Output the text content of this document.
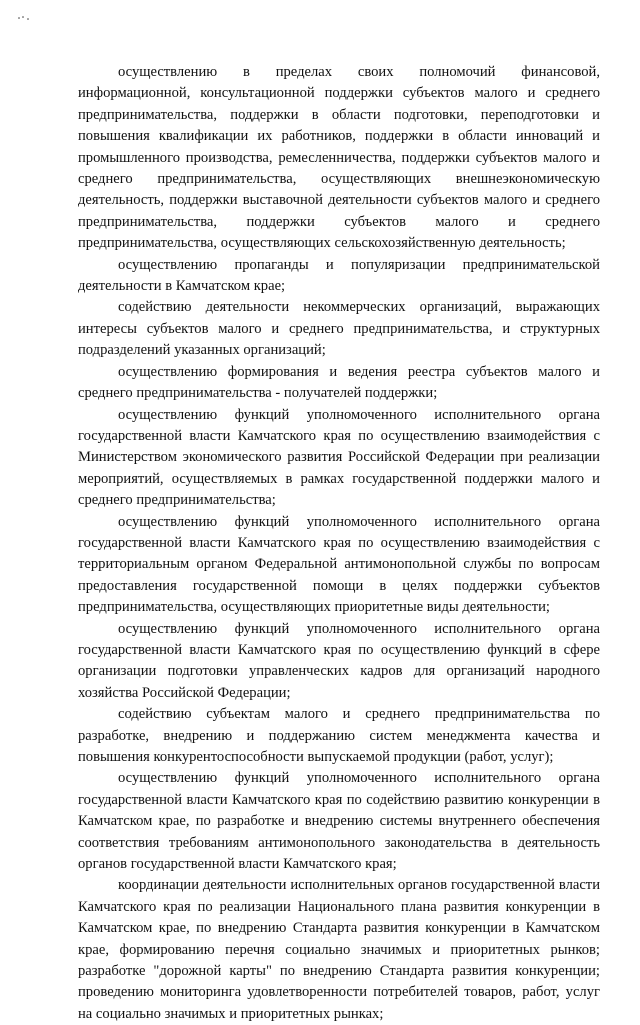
осуществлению в пределах своих полномочий финансовой, информационной, консультационной поддержки субъектов малого и среднего предпринимательства, поддержки в области подготовки, переподготовки и повышения квалификации их работников, поддержки в области инноваций и промышленного производства, ремесленничества, поддержки субъектов малого и среднего предпринимательства, осуществляющих внешнеэкономическую деятельность, поддержки выставочной деятельности субъектов малого и среднего предпринимательства, поддержки субъектов малого и среднего предпринимательства, осуществляющих сельскохозяйственную деятельность;

осуществлению пропаганды и популяризации предпринимательской деятельности в Камчатском крае;

содействию деятельности некоммерческих организаций, выражающих интересы субъектов малого и среднего предпринимательства, и структурных подразделений указанных организаций;

осуществлению формирования и ведения реестра субъектов малого и среднего предпринимательства - получателей поддержки;

осуществлению функций уполномоченного исполнительного органа государственной власти Камчатского края по осуществлению взаимодействия с Министерством экономического развития Российской Федерации при реализации мероприятий, осуществляемых в рамках государственной поддержки малого и среднего предпринимательства;

осуществлению функций уполномоченного исполнительного органа государственной власти Камчатского края по осуществлению взаимодействия с территориальным органом Федеральной антимонопольной службы по вопросам предоставления государственной помощи в целях поддержки субъектов предпринимательства, осуществляющих приоритетные виды деятельности;

осуществлению функций уполномоченного исполнительного органа государственной власти Камчатского края по осуществлению функций в сфере организации подготовки управленческих кадров для организаций народного хозяйства Российской Федерации;

содействию субъектам малого и среднего предпринимательства по разработке, внедрению и поддержанию систем менеджмента качества и повышения конкурентоспособности выпускаемой продукции (работ, услуг);

осуществлению функций уполномоченного исполнительного органа государственной власти Камчатского края по содействию развитию конкуренции в Камчатском крае, по разработке и внедрению системы внутреннего обеспечения соответствия требованиям антимонопольного законодательства в деятельность органов государственной власти Камчатского края;

координации деятельности исполнительных органов государственной власти Камчатского края по реализации Национального плана развития конкуренции в Камчатском крае, по внедрению Стандарта развития конкуренции в Камчатском крае, формированию перечня социально значимых и приоритетных рынков; разработке "дорожной карты" по внедрению Стандарта развития конкуренции; проведению мониторинга удовлетворенности потребителей товаров, работ, услуг на социально значимых и приоритетных рынках;
